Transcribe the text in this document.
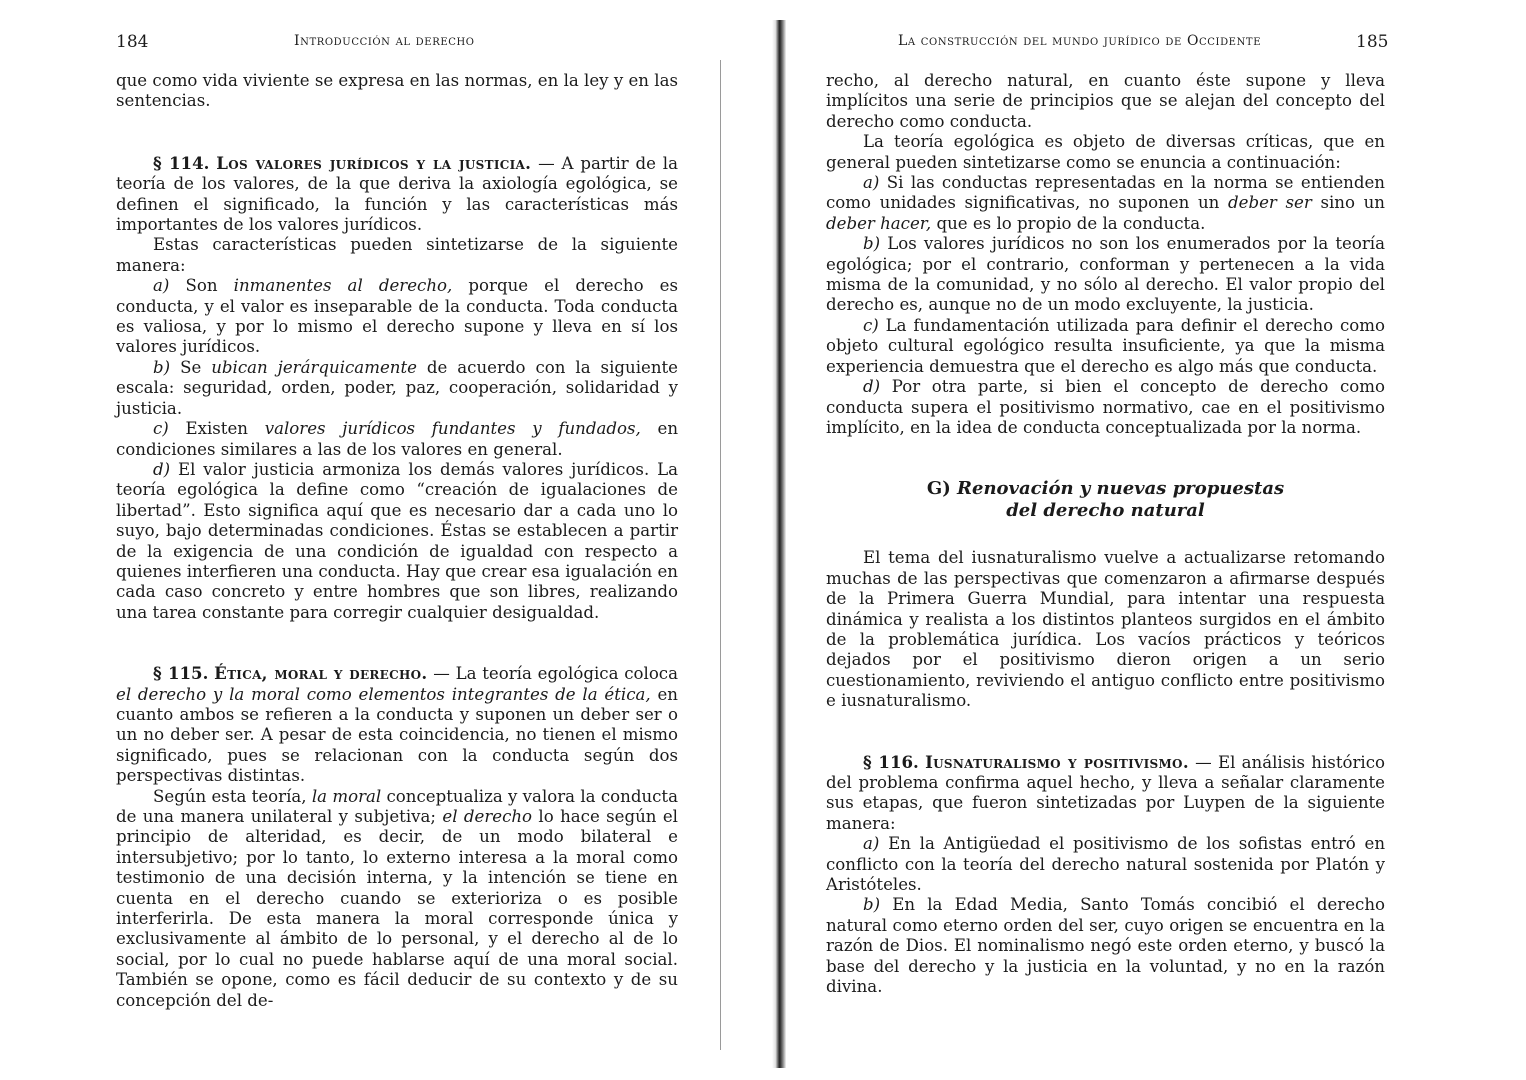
184	Introducción al derecho

que como vida viviente se expresa en las normas, en la ley y en las sentencias.

§ 114. Los valores jurídicos y la justicia. — A partir de la teoría de los valores, de la que deriva la axiología egológica, se definen el significado, la función y las características más importantes de los valores jurídicos.

Estas características pueden sintetizarse de la siguiente manera:

a) Son inmanentes al derecho, porque el derecho es conducta, y el valor es inseparable de la conducta. Toda conducta es valiosa, y por lo mismo el derecho supone y lleva en sí los valores jurídicos.

b) Se ubican jerárquicamente de acuerdo con la siguiente escala: seguridad, orden, poder, paz, cooperación, solidaridad y justicia.

c) Existen valores jurídicos fundantes y fundados, en condiciones similares a las de los valores en general.

d) El valor justicia armoniza los demás valores jurídicos. La teoría egológica la define como “creación de igualaciones de libertad”. Esto significa aquí que es necesario dar a cada uno lo suyo, bajo determinadas condiciones. Éstas se establecen a partir de la exigencia de una condición de igualdad con respecto a quienes interfieren una conducta. Hay que crear esa igualación en cada caso concreto y entre hombres que son libres, realizando una tarea constante para corregir cualquier desigualdad.

§ 115. Ética, moral y derecho. — La teoría egológica coloca el derecho y la moral como elementos integrantes de la ética, en cuanto ambos se refieren a la conducta y suponen un deber ser o un no deber ser. A pesar de esta coincidencia, no tienen el mismo significado, pues se relacionan con la conducta según dos perspectivas distintas.

Según esta teoría, la moral conceptualiza y valora la conducta de una manera unilateral y subjetiva; el derecho lo hace según el principio de alteridad, es decir, de un modo bilateral e intersubjetivo; por lo tanto, lo externo interesa a la moral como testimonio de una decisión interna, y la intención se tiene en cuenta en el derecho cuando se exterioriza o es posible interferirla. De esta manera la moral corresponde única y exclusivamente al ámbito de lo personal, y el derecho al de lo social, por lo cual no puede hablarse aquí de una moral social. También se opone, como es fácil deducir de su contexto y de su concepción del de-

La construcción del mundo jurídico de Occidente	185

recho, al derecho natural, en cuanto éste supone y lleva implícitos una serie de principios que se alejan del concepto del derecho como conducta.

La teoría egológica es objeto de diversas críticas, que en general pueden sintetizarse como se enuncia a continuación:

a) Si las conductas representadas en la norma se entienden como unidades significativas, no suponen un deber ser sino un deber hacer, que es lo propio de la conducta.

b) Los valores jurídicos no son los enumerados por la teoría egológica; por el contrario, conforman y pertenecen a la vida misma de la comunidad, y no sólo al derecho. El valor propio del derecho es, aunque no de un modo excluyente, la justicia.

c) La fundamentación utilizada para definir el derecho como objeto cultural egológico resulta insuficiente, ya que la misma experiencia demuestra que el derecho es algo más que conducta.

d) Por otra parte, si bien el concepto de derecho como conducta supera el positivismo normativo, cae en el positivismo implícito, en la idea de conducta conceptualizada por la norma.

G) Renovación y nuevas propuestas
del derecho natural

El tema del iusnaturalismo vuelve a actualizarse retomando muchas de las perspectivas que comenzaron a afirmarse después de la Primera Guerra Mundial, para intentar una respuesta dinámica y realista a los distintos planteos surgidos en el ámbito de la problemática jurídica. Los vacíos prácticos y teóricos dejados por el positivismo dieron origen a un serio cuestionamiento, reviviendo el antiguo conflicto entre positivismo e iusnaturalismo.

§ 116. Iusnaturalismo y positivismo. — El análisis histórico del problema confirma aquel hecho, y lleva a señalar claramente sus etapas, que fueron sintetizadas por Luypen de la siguiente manera:

a) En la Antigüedad el positivismo de los sofistas entró en conflicto con la teoría del derecho natural sostenida por Platón y Aristóteles.

b) En la Edad Media, Santo Tomás concibió el derecho natural como eterno orden del ser, cuyo origen se encuentra en la razón de Dios. El nominalismo negó este orden eterno, y buscó la base del derecho y la justicia en la voluntad, y no en la razón divina.
